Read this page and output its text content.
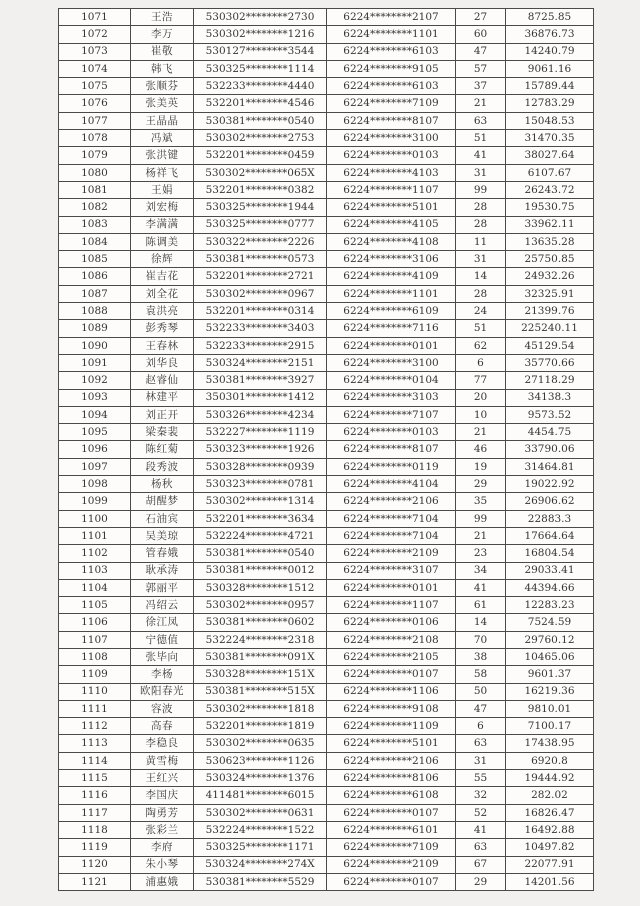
1071	王浩	530302********2730	6224********2107	27	8725.85
1072	李万	530302********1216	6224********1101	60	36876.73
1073	崔敬	530127********3544	6224********6103	47	14240.79
1074	韩飞	530325********1114	6224********9105	57	9061.16
1075	张顺芬	532233********4440	6224********6103	37	15789.44
1076	张美英	532201********4546	6224********7109	21	12783.29
1077	王晶晶	530381********0540	6224********8107	63	15048.53
1078	冯斌	530302********2753	6224********3100	51	31470.35
1079	张洪键	532201********0459	6224********0103	41	38027.64
1080	杨祥飞	530302********065X	6224********4103	31	6107.67
1081	王娟	532201********0382	6224********1107	99	26243.72
1082	刘宏梅	530325********1944	6224********5101	28	19530.75
1083	李满满	530325********0777	6224********4105	28	33962.11
1084	陈调美	530322********2226	6224********4108	11	13635.28
1085	徐辉	530381********0573	6224********3106	31	25750.85
1086	崔吉花	532201********2721	6224********4109	14	24932.26
1087	刘全花	530302********0967	6224********1101	28	32325.91
1088	袁洪亮	532201********0314	6224********6109	24	21399.76
1089	彭秀琴	532233********3403	6224********7116	51	225240.11
1090	王春林	532233********2915	6224********0101	62	45129.54
1091	刘华良	530324********2151	6224********3100	6	35770.66
1092	赵睿仙	530381********3927	6224********0104	77	27118.29
1093	林建平	350301********1412	6224********3103	20	34138.3
1094	刘正开	530326********4234	6224********7107	10	9573.52
1095	梁秦裴	532227********1119	6224********0103	21	4454.75
1096	陈红菊	530323********1926	6224********8107	46	33790.06
1097	段秀波	530328********0939	6224********0119	19	31464.81
1098	杨秋	530323********0781	6224********4104	29	19022.92
1099	胡醒梦	530302********1314	6224********2106	35	26906.62
1100	石油宾	532201********3634	6224********7104	99	22883.3
1101	吴美琼	532224********4721	6224********7104	21	17664.64
1102	管春娥	530381********0540	6224********2109	23	16804.54
1103	耿承涛	530381********0012	6224********3107	34	29033.41
1104	郭丽平	530328********1512	6224********0101	41	44394.66
1105	冯绍云	530302********0957	6224********1107	61	12283.23
1106	徐江凤	530381********0602	6224********0106	14	7524.59
1107	宁德值	532224********2318	6224********2108	70	29760.12
1108	张毕向	530381********091X	6224********2105	38	10465.06
1109	李杨	530328********151X	6224********0107	58	9601.37
1110	欧阳春光	530381********515X	6224********1106	50	16219.36
1111	容波	530302********1818	6224********9108	47	9810.01
1112	高春	532201********1819	6224********1109	6	7100.17
1113	李稳良	530302********0635	6224********5101	63	17438.95
1114	黄雪梅	530623********1126	6224********2106	31	6920.8
1115	王红兴	530324********1376	6224********8106	55	19444.92
1116	李国庆	411481********6015	6224********6108	32	282.02
1117	陶勇芳	530302********0631	6224********0107	52	16826.47
1118	张彩兰	532224********1522	6224********6101	41	16492.88
1119	李府	530325********1171	6224********7109	63	10497.82
1120	朱小琴	530324********274X	6224********2109	67	22077.91
1121	浦惠娥	530381********5529	6224********0107	29	14201.56
